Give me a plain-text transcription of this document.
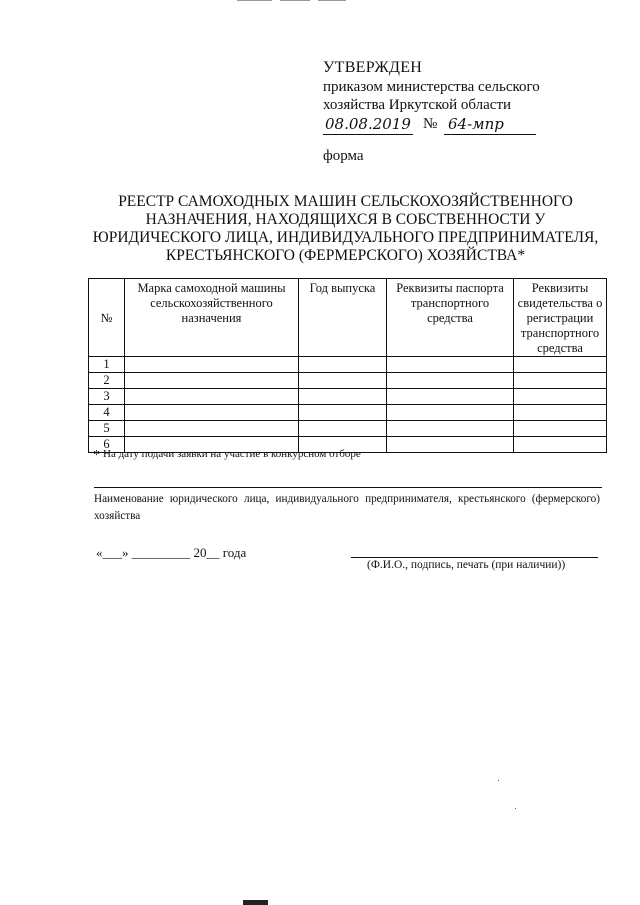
УТВЕРЖДЕН
приказом министерства сельского
хозяйства Иркутской области
08.08.2019 № 64-мпр
форма
РЕЕСТР САМОХОДНЫХ МАШИН СЕЛЬСКОХОЗЯЙСТВЕННОГО
НАЗНАЧЕНИЯ, НАХОДЯЩИХСЯ В СОБСТВЕННОСТИ У
ЮРИДИЧЕСКОГО ЛИЦА, ИНДИВИДУАЛЬНОГО ПРЕДПРИНИМАТЕЛЯ,
КРЕСТЬЯНСКОГО (ФЕРМЕРСКОГО) ХОЗЯЙСТВА*
№	Марка самоходной машины сельскохозяйственного назначения	Год выпуска	Реквизиты паспорта транспортного средства	Реквизиты свидетельства о регистрации транспортного средства
1				
2				
3				
4				
5				
6				
* На дату подачи заявки на участие в конкурсном отборе
Наименование юридического лица, индивидуального предпринимателя, крестьянского (фермерского) хозяйства
«___» _________ 20__ года
(Ф.И.О., подпись, печать (при наличии))
